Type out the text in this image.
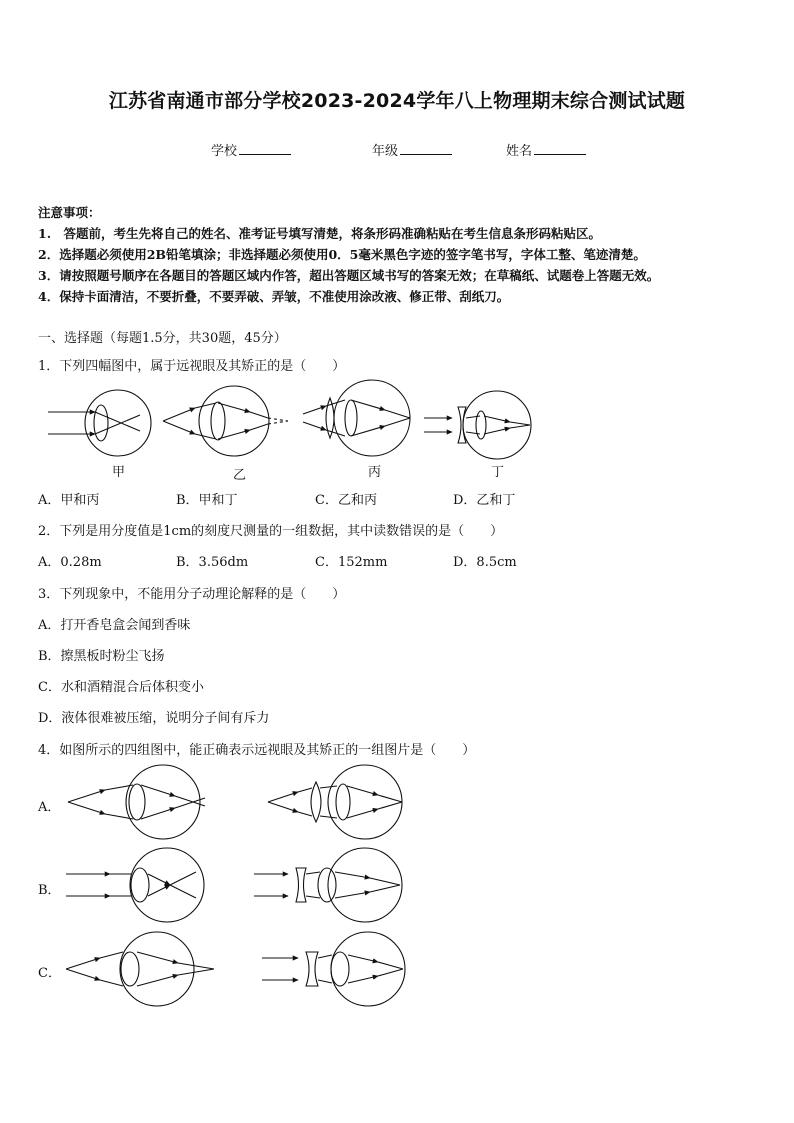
江苏省南通市部分学校2023-2024学年八上物理期末综合测试试题
学校	年级	姓名
注意事项：
1.　答题前，考生先将自己的姓名、准考证号填写清楚，将条形码准确粘贴在考生信息条形码粘贴区。
2．选择题必须使用2B铅笔填涂；非选择题必须使用0．5毫米黑色字迹的签字笔书写，字体工整、笔迹清楚。
3．请按照题号顺序在各题目的答题区域内作答，超出答题区域书写的答案无效；在草稿纸、试题卷上答题无效。
4．保持卡面清洁，不要折叠，不要弄破、弄皱，不准使用涂改液、修正带、刮纸刀。
一、选择题（每题1.5分，共30题，45分）
1．下列四幅图中，属于远视眼及其矫正的是（　　）
甲	乙	丙	丁
A．甲和丙	B．甲和丁	C．乙和丙	D．乙和丁
2．下列是用分度值是1cm的刻度尺测量的一组数据，其中读数错误的是（　　）
A．0.28m	B．3.56dm	C．152mm	D．8.5cm
3．下列现象中，不能用分子动理论解释的是（　　）
A．打开香皂盒会闻到香味
B．擦黑板时粉尘飞扬
C．水和酒精混合后体积变小
D．液体很难被压缩，说明分子间有斥力
4．如图所示的四组图中，能正确表示远视眼及其矫正的一组图片是（　　）
A．
B．
C．
